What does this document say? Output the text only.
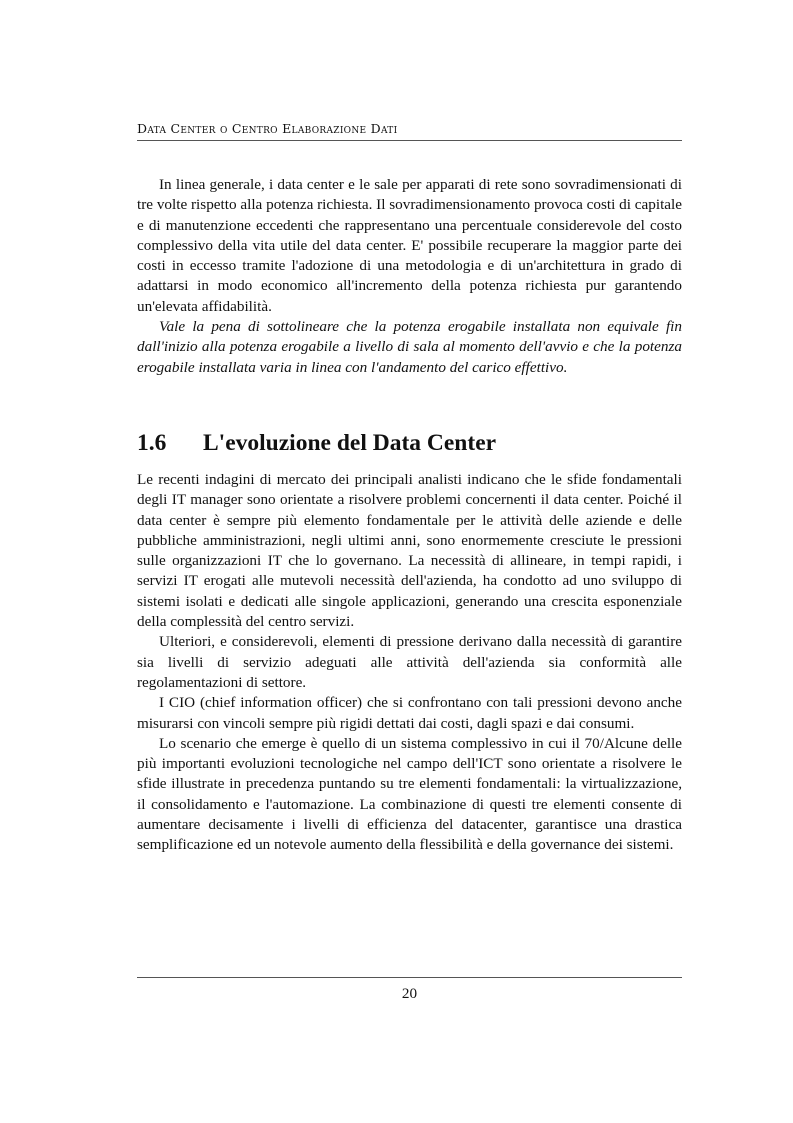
Data Center o Centro Elaborazione Dati

In linea generale, i data center e le sale per apparati di rete sono sovradimensionati di tre volte rispetto alla potenza richiesta. Il sovradimensionamento provoca costi di capitale e di manutenzione eccedenti che rappresentano una percentuale considerevole del costo complessivo della vita utile del data center. E' possibile recuperare la maggior parte dei costi in eccesso tramite l'adozione di una metodologia e di un'architettura in grado di adattarsi in modo economico all'incremento della potenza richiesta pur garantendo un'elevata affidabilità.

Vale la pena di sottolineare che la potenza erogabile installata non equivale fin dall'inizio alla potenza erogabile a livello di sala al momento dell'avvio e che la potenza erogabile installata varia in linea con l'andamento del carico effettivo.

1.6 L'evoluzione del Data Center

Le recenti indagini di mercato dei principali analisti indicano che le sfide fondamentali degli IT manager sono orientate a risolvere problemi concernenti il data center. Poiché il data center è sempre più elemento fondamentale per le attività delle aziende e delle pubbliche amministrazioni, negli ultimi anni, sono enormemente cresciute le pressioni sulle organizzazioni IT che lo governano. La necessità di allineare, in tempi rapidi, i servizi IT erogati alle mutevoli necessità dell'azienda, ha condotto ad uno sviluppo di sistemi isolati e dedicati alle singole applicazioni, generando una crescita esponenziale della complessità del centro servizi.

Ulteriori, e considerevoli, elementi di pressione derivano dalla necessità di garantire sia livelli di servizio adeguati alle attività dell'azienda sia conformità alle regolamentazioni di settore.

I CIO (chief information officer) che si confrontano con tali pressioni devono anche misurarsi con vincoli sempre più rigidi dettati dai costi, dagli spazi e dai consumi.

Lo scenario che emerge è quello di un sistema complessivo in cui il 70/Alcune delle più importanti evoluzioni tecnologiche nel campo dell'ICT sono orientate a risolvere le sfide illustrate in precedenza puntando su tre elementi fondamentali: la virtualizzazione, il consolidamento e l'automazione. La combinazione di questi tre elementi consente di aumentare decisamente i livelli di efficienza del datacenter, garantisce una drastica semplificazione ed un notevole aumento della flessibilità e della governance dei sistemi.

20
